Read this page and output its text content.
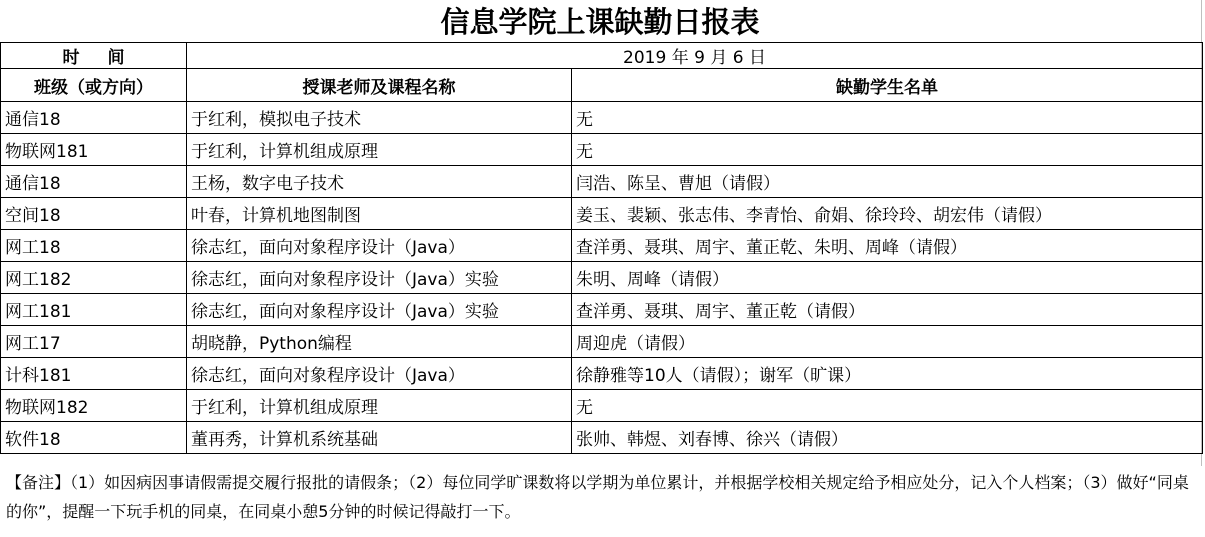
信息学院上课缺勤日报表
时间	2019 年 9 月 6 日	
班级（或方向）	授课老师及课程名称	缺勤学生名单
通信18	于红利，模拟电子技术	无
物联网181	于红利，计算机组成原理	无
通信18	王杨，数字电子技术	闫浩、陈呈、曹旭（请假）
空间18	叶春，计算机地图制图	姜玉、裴颖、张志伟、李青怡、俞娟、徐玲玲、胡宏伟（请假）
网工18	徐志红，面向对象程序设计（Java）	查洋勇、聂琪、周宇、董正乾、朱明、周峰（请假）
网工182	徐志红，面向对象程序设计（Java）实验	朱明、周峰（请假）
网工181	徐志红，面向对象程序设计（Java）实验	查洋勇、聂琪、周宇、董正乾（请假）
网工17	胡晓静，Python编程	周迎虎（请假）
计科181	徐志红，面向对象程序设计（Java）	徐静雅等10人（请假）；谢军（旷课）
物联网182	于红利，计算机组成原理	无
软件18	董再秀，计算机系统基础	张帅、韩煜、刘春博、徐兴（请假）
【备注】（1）如因病因事请假需提交履行报批的请假条；（2）每位同学旷课数将以学期为单位累计，并根据学校相关规定给予相应处分，记入个人档案；（3）做好“同桌的你”，提醒一下玩手机的同桌，在同桌小憩5分钟的时候记得敲打一下。
